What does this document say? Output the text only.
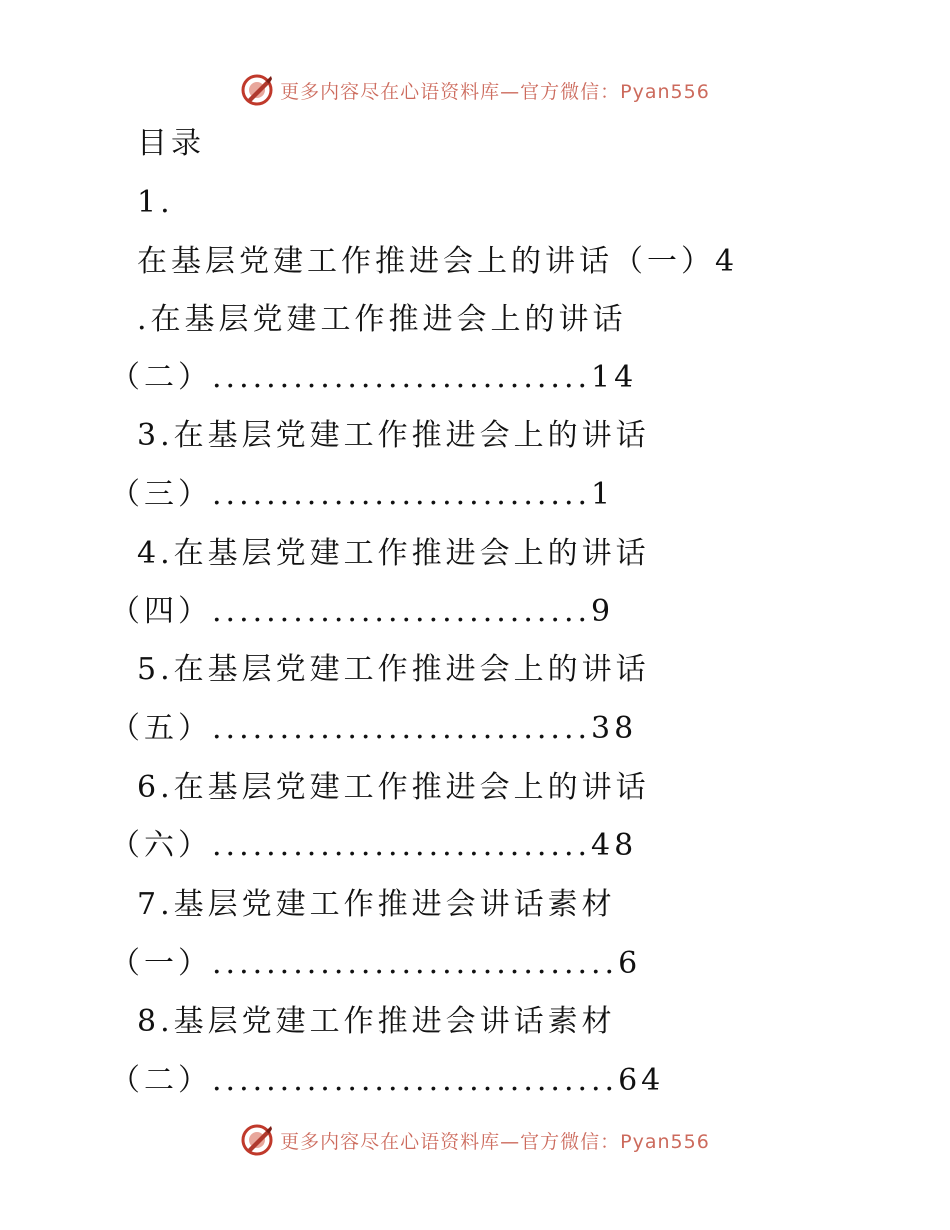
更多内容尽在心语资料库—官方微信：Pyan556
目录
1.
在基层党建工作推进会上的讲话（一）4
.在基层党建工作推进会上的讲话
（二）............................14
3.在基层党建工作推进会上的讲话
（三）............................1
4.在基层党建工作推进会上的讲话
（四）............................9
5.在基层党建工作推进会上的讲话
（五）............................38
6.在基层党建工作推进会上的讲话
（六）............................48
7.基层党建工作推进会讲话素材
（一）..............................6
8.基层党建工作推进会讲话素材
（二）..............................64
更多内容尽在心语资料库—官方微信：Pyan556
